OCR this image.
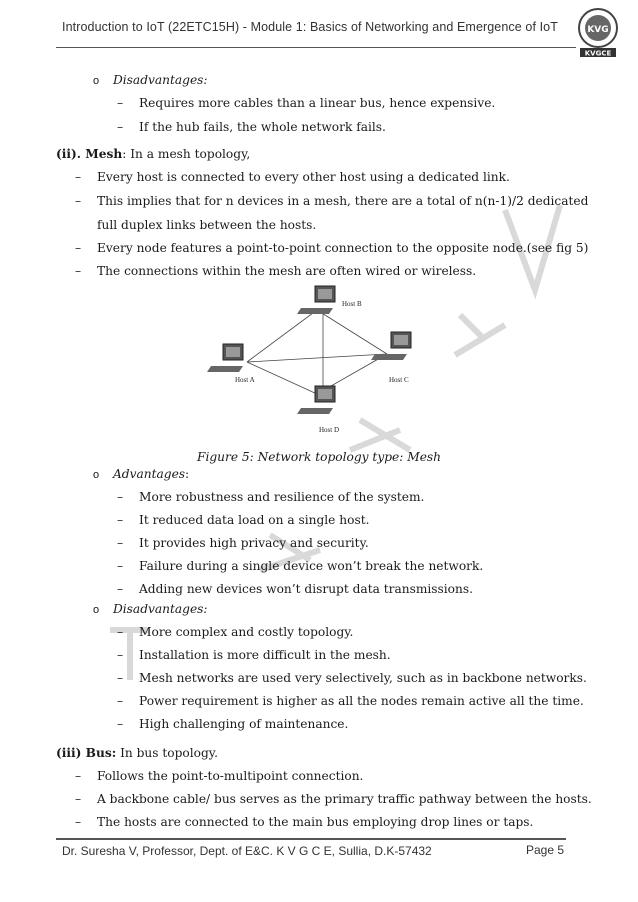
Introduction to IoT (22ETC15H) - Module 1: Basics of Networking and Emergence of IoT	KVG
KVGCE
o Disadvantages:
– Requires more cables than a linear bus, hence expensive.
– If the hub fails, the whole network fails.
(ii). Mesh: In a mesh topology,
– Every host is connected to every other host using a dedicated link.
– This implies that for n devices in a mesh, there are a total of n(n-1)/2 dedicated
full duplex links between the hosts.
– Every node features a point-to-point connection to the opposite node.(see fig 5)
– The connections within the mesh are often wired or wireless.
Host B
Host A	Host C
Host D
Figure 5: Network topology type: Mesh
o Advantages:
– More robustness and resilience of the system.
– It reduced data load on a single host.
– It provides high privacy and security.
– Failure during a single device won’t break the network.
– Adding new devices won’t disrupt data transmissions.
o Disadvantages:
– More complex and costly topology.
– Installation is more difficult in the mesh.
– Mesh networks are used very selectively, such as in backbone networks.
– Power requirement is higher as all the nodes remain active all the time.
– High challenging of maintenance.
(iii) Bus: In bus topology.
– Follows the point-to-multipoint connection.
– A backbone cable/ bus serves as the primary traffic pathway between the hosts.
– The hosts are connected to the main bus employing drop lines or taps.
Dr. Suresha V, Professor, Dept. of E&C. K V G C E, Sullia, D.K-57432	Page 5
